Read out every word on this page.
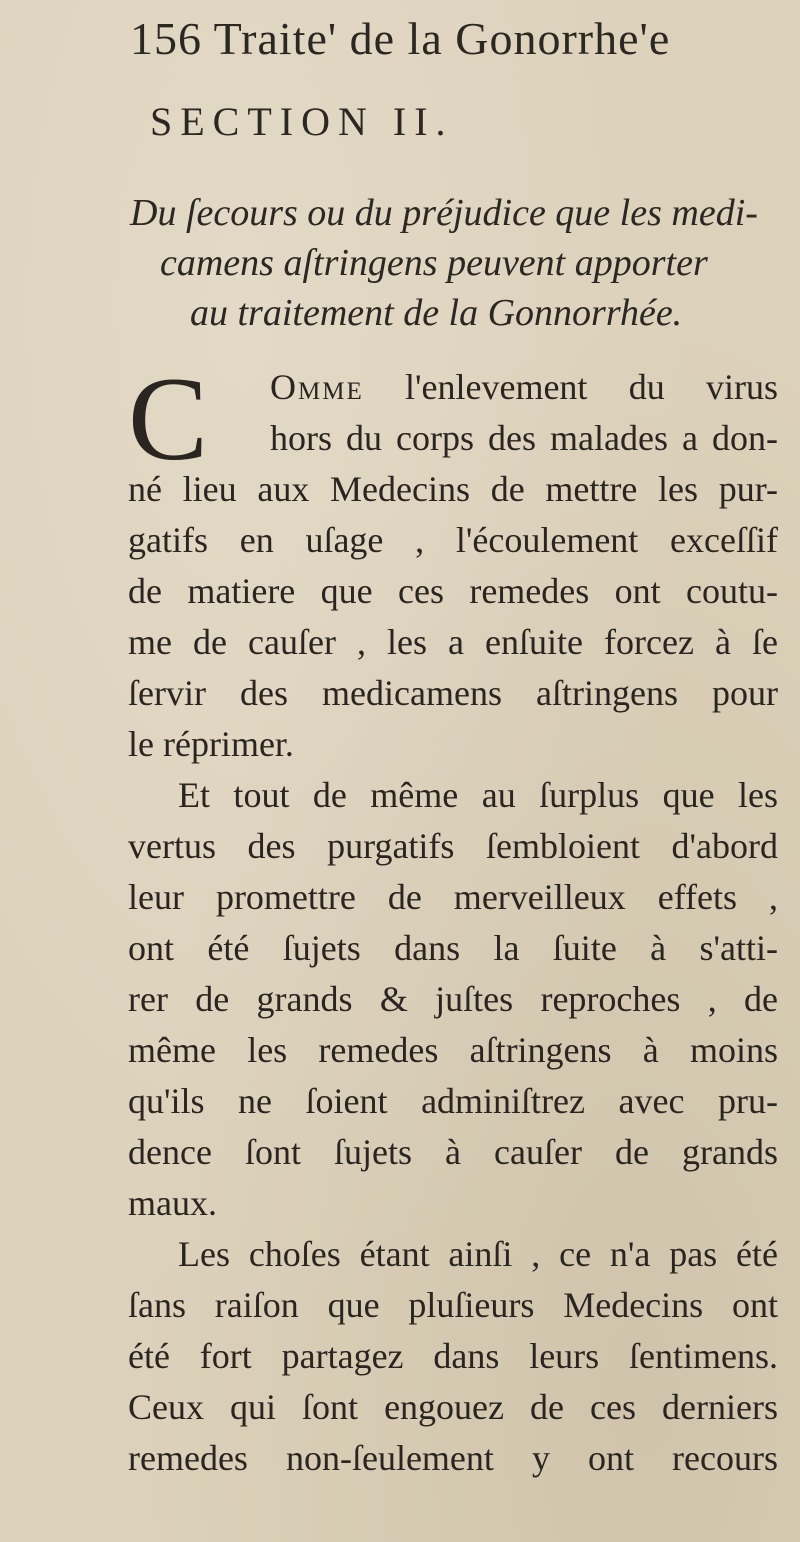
156 Traite' de la Gonorrhe'e
SECTION II.
Du ſecours ou du préjudice que les medi-
camens aſtringens peuvent apporter
au traitement de la Gonnorrhée.
C	Omme l'enlevement du virus
hors du corps des malades a don-
né lieu aux Medecins de mettre les pur-
gatifs en uſage , l'écoulement exceſſif
de matiere que ces remedes ont coutu-
me de cauſer , les a enſuite forcez à ſe
ſervir des medicamens aſtringens pour
le réprimer.
Et tout de même au ſurplus que les
vertus des purgatifs ſembloient d'abord
leur promettre de merveilleux effets ,
ont été ſujets dans la ſuite à s'atti-
rer de grands & juſtes reproches , de
même les remedes aſtringens à moins
qu'ils ne ſoient adminiſtrez avec pru-
dence ſont ſujets à cauſer de grands
maux.
Les choſes étant ainſi , ce n'a pas été
ſans raiſon que pluſieurs Medecins ont
été fort partagez dans leurs ſentimens.
Ceux qui ſont engouez de ces derniers
remedes non-ſeulement y ont recours
